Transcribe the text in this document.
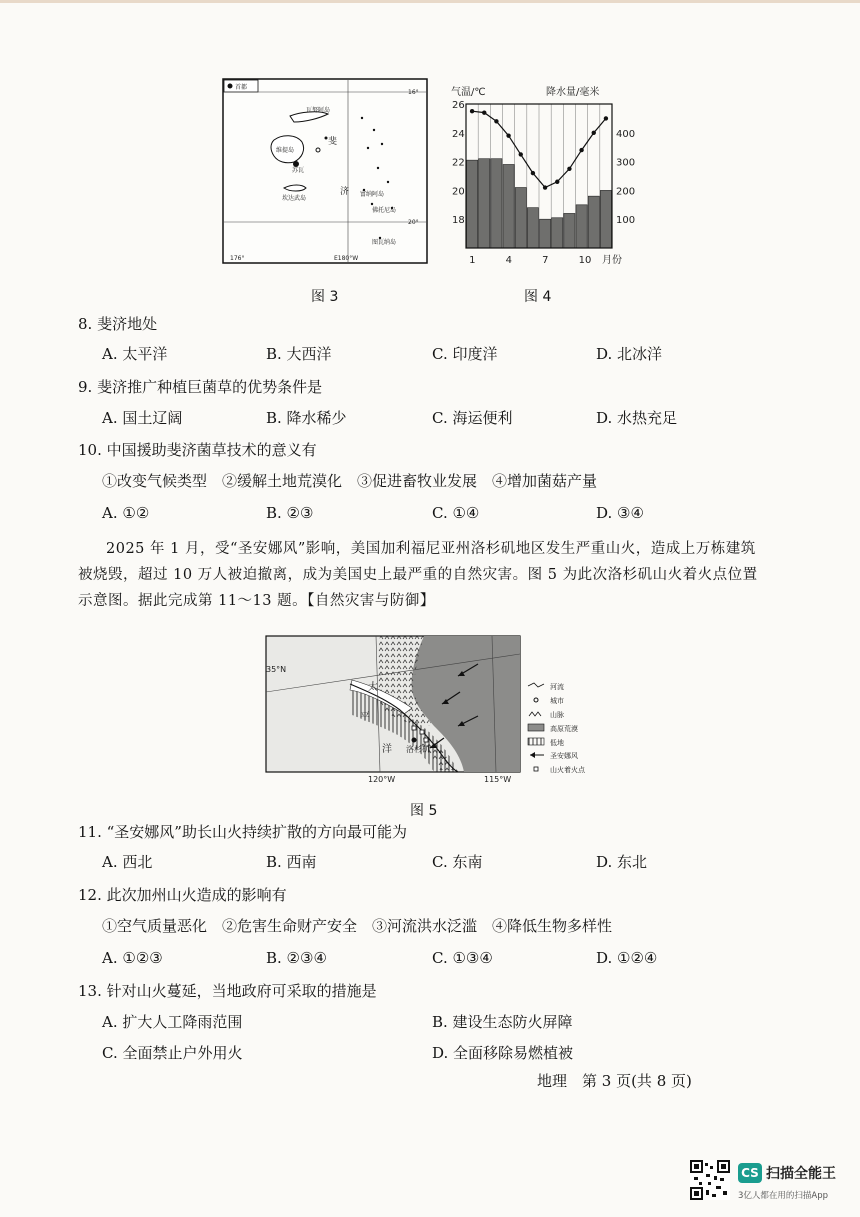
首都
16°
20°
176°	E180°W
瓦努阿岛
维提岛
苏瓦
坎达武岛
斐
济 富纳阿岛
佛托尼岛
图瓦纳岛
图 3
18
20
22
24
26
100
200
300
400
1	4	7	10
气温/℃	降水量/毫米
月份
图 4
8. 斐济地处
A. 太平洋	B. 大西洋	C. 印度洋	D. 北冰洋
9. 斐济推广种植巨菌草的优势条件是
A. 国土辽阔	B. 降水稀少	C. 海运便利	D. 水热充足
10. 中国援助斐济菌草技术的意义有
①改变气候类型　②缓解土地荒漠化　③促进畜牧业发展　④增加菌菇产量
A. ①②	B. ②③	C. ①④	D. ③④
2025 年 1 月，受“圣安娜风”影响，美国加利福尼亚州洛杉矶地区发生严重山火，造成上万栋建筑被烧毁，超过 10 万人被迫撤离，成为美国史上最严重的自然灾害。图 5 为此次洛杉矶山火着火点位置示意图。据此完成第 11～13 题。【自然灾害与防御】
洛杉矶
太
平
洋
35°N
120°W	115°W
河流
城市
山脉
高原荒漠
低地
圣安娜风
山火着火点
图 5
11. “圣安娜风”助长山火持续扩散的方向最可能为
A. 西北	B. 西南	C. 东南	D. 东北
12. 此次加州山火造成的影响有
①空气质量恶化　②危害生命财产安全　③河流洪水泛滥　④降低生物多样性
A. ①②③	B. ②③④	C. ①③④	D. ①②④
13. 针对山火蔓延，当地政府可采取的措施是
A. 扩大人工降雨范围	B. 建设生态防火屏障
C. 全面禁止户外用火	D. 全面移除易燃植被
地理　第 3 页(共 8 页)
CS 扫描全能王
3亿人都在用的扫描App
